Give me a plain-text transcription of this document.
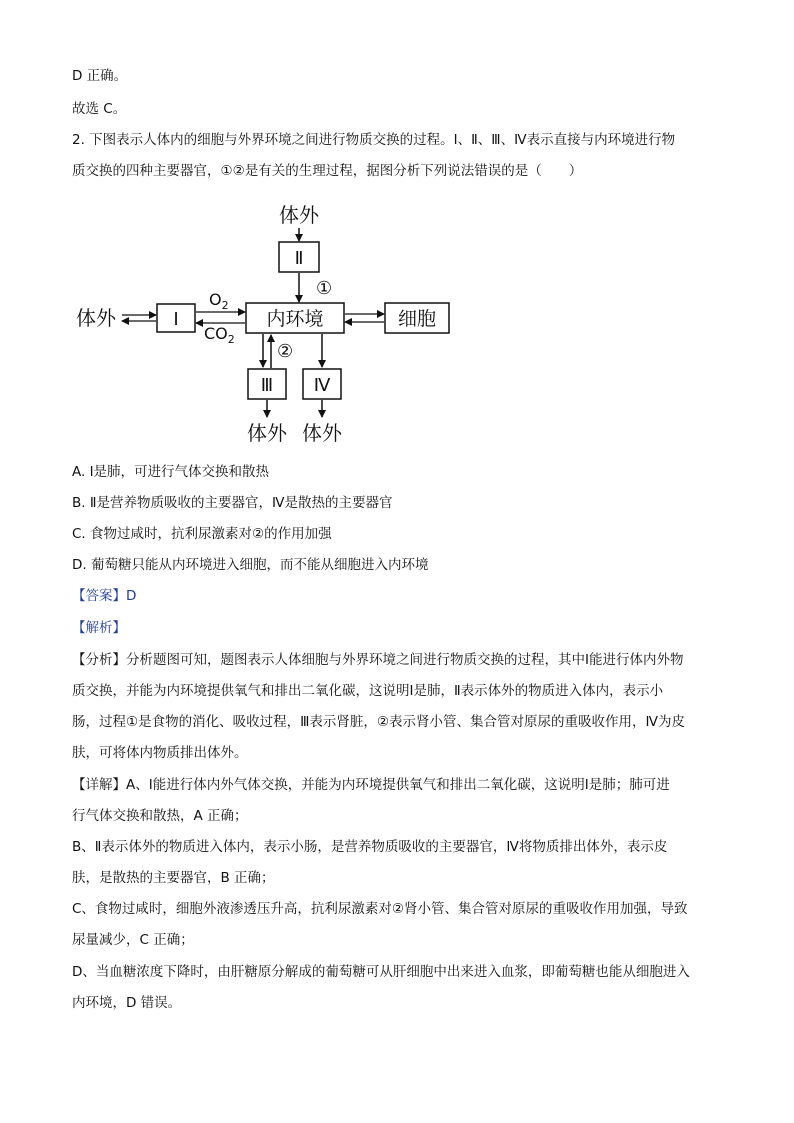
D 正确。
故选 C。
2. 下图表示人体内的细胞与外界环境之间进行物质交换的过程。Ⅰ、Ⅱ、Ⅲ、Ⅳ表示直接与内环境进行物
质交换的四种主要器官，①②是有关的生理过程，据图分析下列说法错误的是（　　）
体外
Ⅱ
①
体外	Ⅰ
$O_2$
$CO_2$
内环境	细胞
②
Ⅲ Ⅳ
体外 体外
A. Ⅰ是肺，可进行气体交换和散热
B. Ⅱ是营养物质吸收的主要器官，Ⅳ是散热的主要器官
C. 食物过咸时，抗利尿激素对②的作用加强
D. 葡萄糖只能从内环境进入细胞，而不能从细胞进入内环境
【答案】D
【解析】
【分析】分析题图可知，题图表示人体细胞与外界环境之间进行物质交换的过程，其中Ⅰ能进行体内外物
质交换，并能为内环境提供氧气和排出二氧化碳，这说明Ⅰ是肺，Ⅱ表示体外的物质进入体内，表示小
肠，过程①是食物的消化、吸收过程，Ⅲ表示肾脏，②表示肾小管、集合管对原尿的重吸收作用，Ⅳ为皮
肤，可将体内物质排出体外。
【详解】A、Ⅰ能进行体内外气体交换，并能为内环境提供氧气和排出二氧化碳，这说明Ⅰ是肺；肺可进
行气体交换和散热，A 正确；
B、Ⅱ表示体外的物质进入体内，表示小肠，是营养物质吸收的主要器官，Ⅳ将物质排出体外，表示皮
肤，是散热的主要器官，B 正确；
C、食物过咸时，细胞外液渗透压升高，抗利尿激素对②肾小管、集合管对原尿的重吸收作用加强，导致
尿量减少，C 正确；
D、当血糖浓度下降时，由肝糖原分解成的葡萄糖可从肝细胞中出来进入血浆，即葡萄糖也能从细胞进入
内环境，D 错误。
